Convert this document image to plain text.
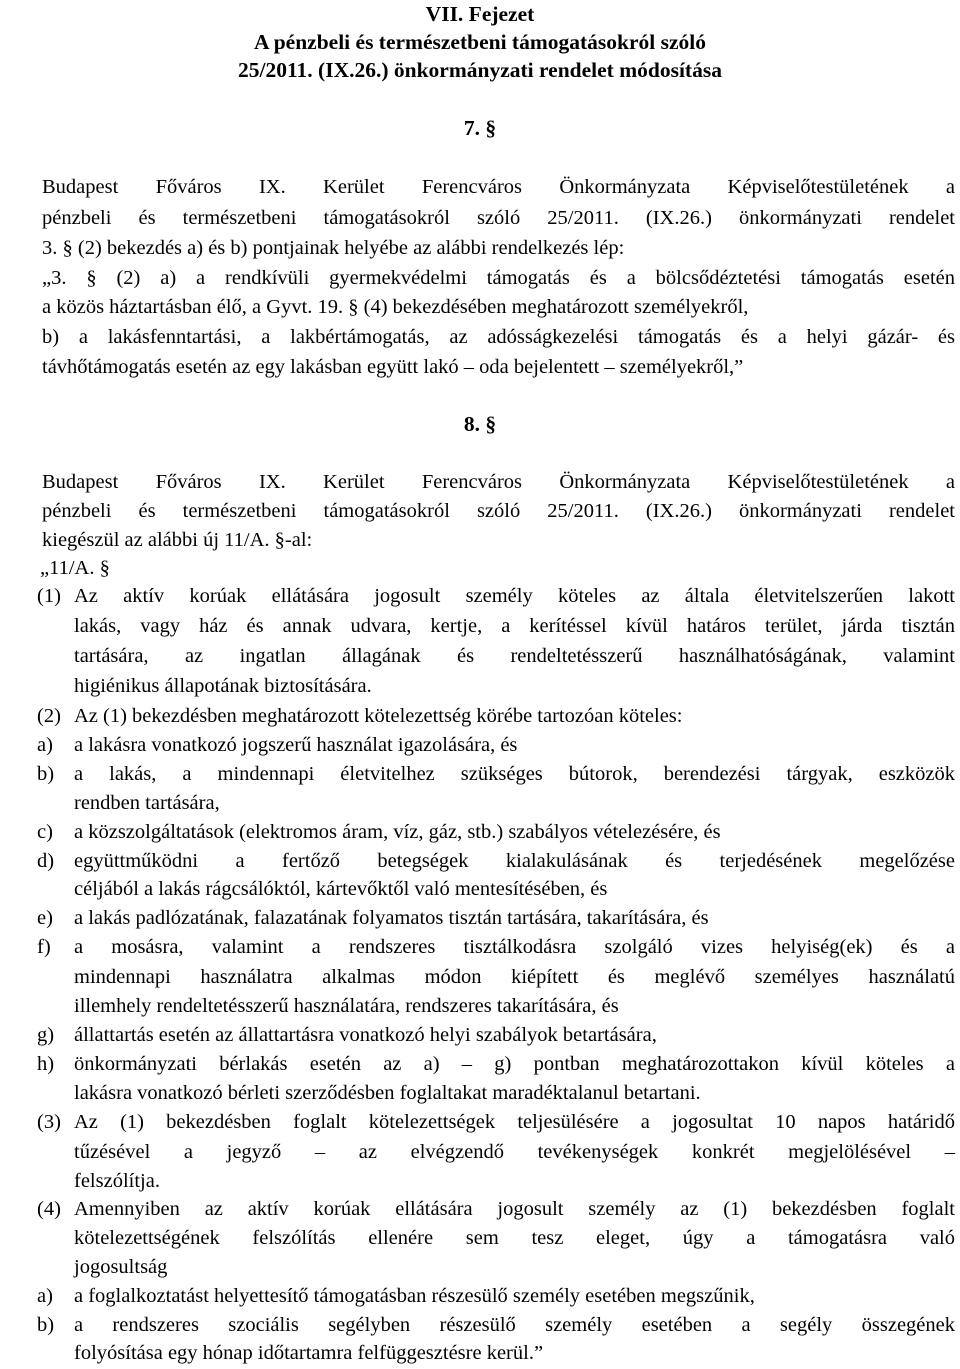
VII. Fejezet
A pénzbeli és természetbeni támogatásokról szóló
25/2011. (IX.26.) önkormányzati rendelet módosítása
7. §
Budapest Főváros IX. Kerület Ferencváros Önkormányzata Képviselőtestületének a
pénzbeli és természetbeni támogatásokról szóló 25/2011. (IX.26.) önkormányzati rendelet
3. § (2) bekezdés a) és b) pontjainak helyébe az alábbi rendelkezés lép:
„3. § (2) a) a rendkívüli gyermekvédelmi támogatás és a bölcsődéztetési támogatás esetén
a közös háztartásban élő, a Gyvt. 19. § (4) bekezdésében meghatározott személyekről,
b) a lakásfenntartási, a lakbértámogatás, az adósságkezelési támogatás és a helyi gázár- és
távhőtámogatás esetén az egy lakásban együtt lakó – oda bejelentett – személyekről,”
8. §
Budapest Főváros IX. Kerület Ferencváros Önkormányzata Képviselőtestületének a
pénzbeli és természetbeni támogatásokról szóló 25/2011. (IX.26.) önkormányzati rendelet
kiegészül az alábbi új 11/A. §-al:
„11/A. §
(1) Az aktív korúak ellátására jogosult személy köteles az általa életvitelszerűen lakott
lakás, vagy ház és annak udvara, kertje, a kerítéssel kívül határos terület, járda tisztán
tartására, az ingatlan állagának és rendeltetésszerű használhatóságának, valamint
higiénikus állapotának biztosítására.
(2) Az (1) bekezdésben meghatározott kötelezettség körébe tartozóan köteles:
a) a lakásra vonatkozó jogszerű használat igazolására, és
b) a lakás, a mindennapi életvitelhez szükséges bútorok, berendezési tárgyak, eszközök
rendben tartására,
c) a közszolgáltatások (elektromos áram, víz, gáz, stb.) szabályos vételezésére, és
d) együttműködni a fertőző betegségek kialakulásának és terjedésének megelőzése
céljából a lakás rágcsálóktól, kártevőktől való mentesítésében, és
e) a lakás padlózatának, falazatának folyamatos tisztán tartására, takarítására, és
f) a mosásra, valamint a rendszeres tisztálkodásra szolgáló vizes helyiség(ek) és a
mindennapi használatra alkalmas módon kiépített és meglévő személyes használatú
illemhely rendeltetésszerű használatára, rendszeres takarítására, és
g) állattartás esetén az állattartásra vonatkozó helyi szabályok betartására,
h) önkormányzati bérlakás esetén az a) – g) pontban meghatározottakon kívül köteles a
lakásra vonatkozó bérleti szerződésben foglaltakat maradéktalanul betartani.
(3) Az (1) bekezdésben foglalt kötelezettségek teljesülésére a jogosultat 10 napos határidő
tűzésével a jegyző – az elvégzendő tevékenységek konkrét megjelölésével –
felszólítja.
(4) Amennyiben az aktív korúak ellátására jogosult személy az (1) bekezdésben foglalt
kötelezettségének felszólítás ellenére sem tesz eleget, úgy a támogatásra való
jogosultság
a) a foglalkoztatást helyettesítő támogatásban részesülő személy esetében megszűnik,
b) a rendszeres szociális segélyben részesülő személy esetében a segély összegének
folyósítása egy hónap időtartamra felfüggesztésre kerül.”
